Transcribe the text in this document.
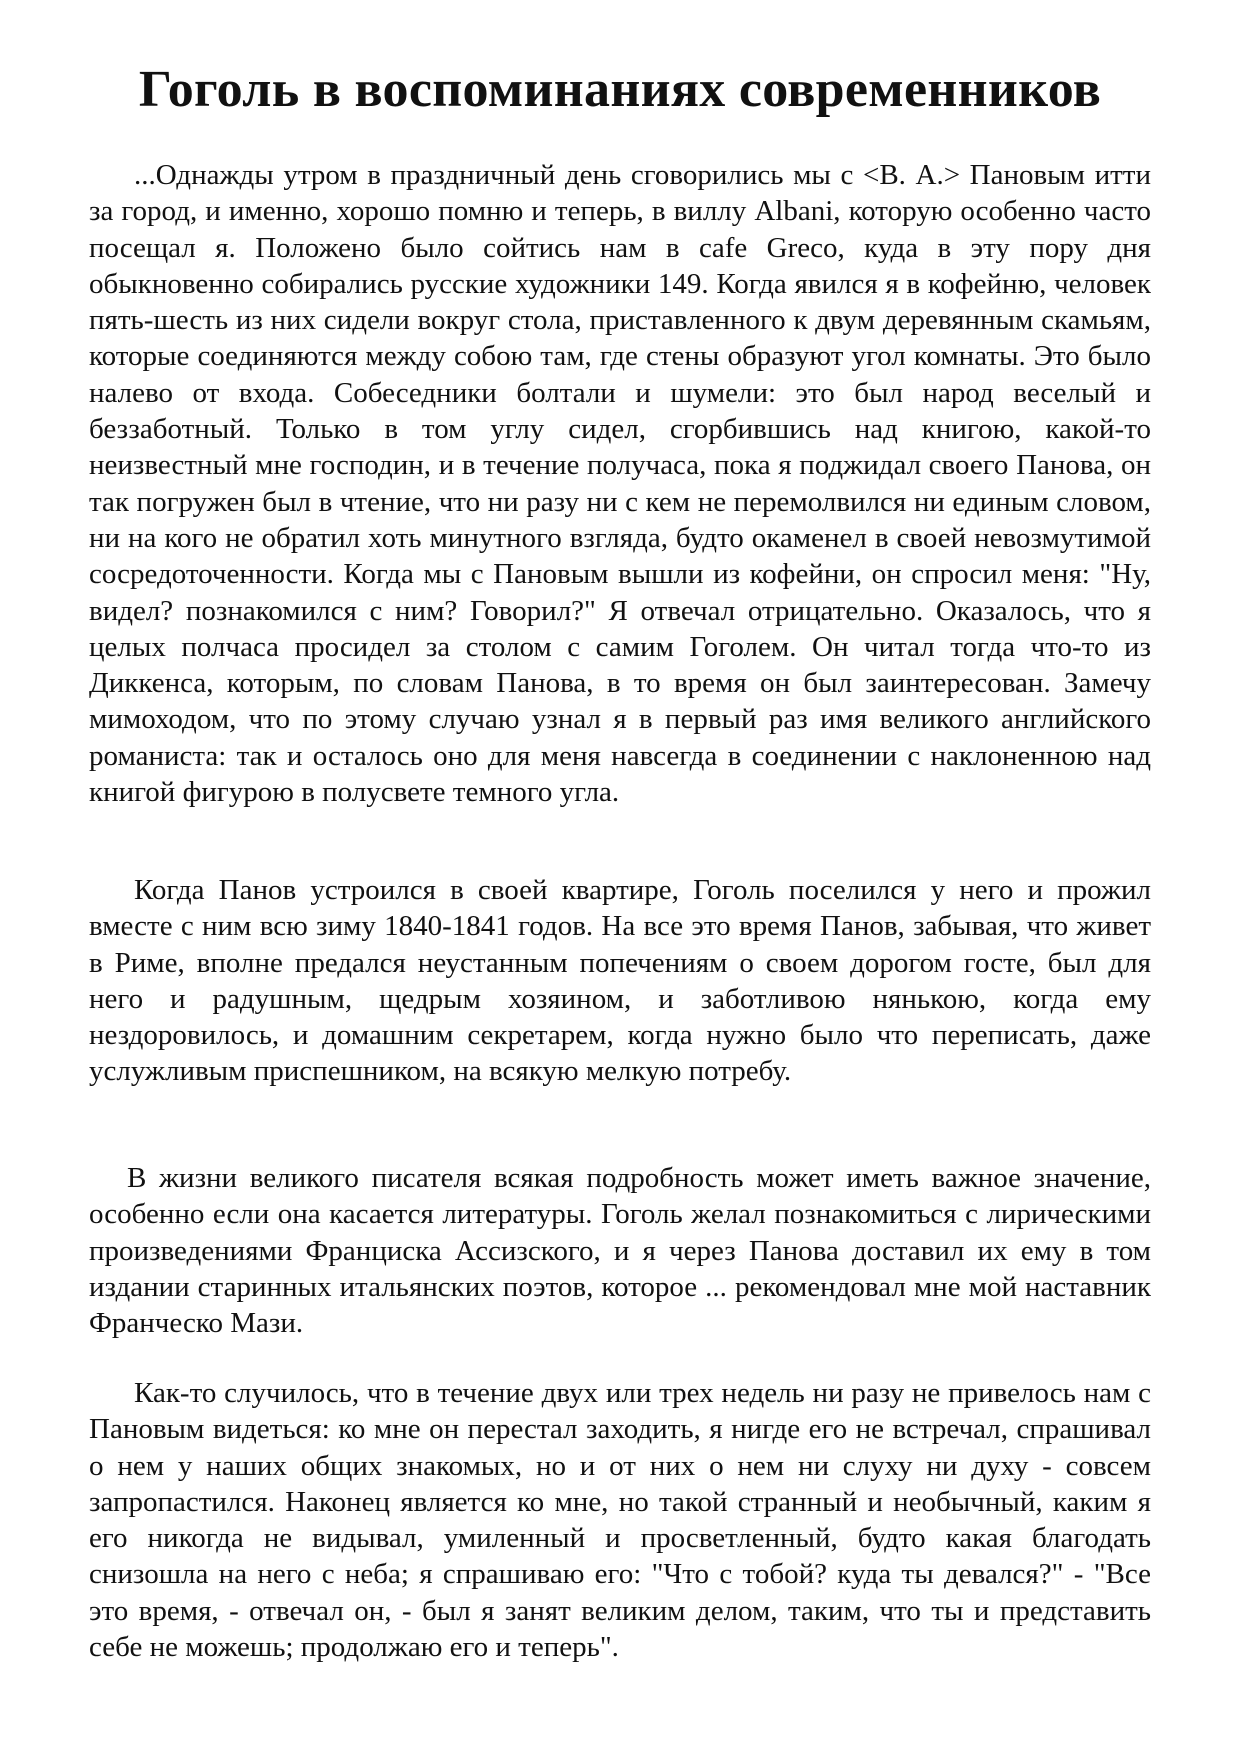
Гоголь в воспоминаниях современников

...Однажды утром в праздничный день сговорились мы с <В. А.> Пановым итти за город, и именно, хорошо помню и теперь, в виллу Albani, которую особенно часто посещал я. Положено было сойтись нам в cafe Greco, куда в эту пору дня обыкновенно собирались русские художники 149. Когда явился я в кофейню, человек пять-шесть из них сидели вокруг стола, приставленного к двум деревянным скамьям, которые соединяются между собою там, где стены образуют угол комнаты. Это было налево от входа. Собеседники болтали и шумели: это был народ веселый и беззаботный. Только в том углу сидел, сгорбившись над книгою, какой-то неизвестный мне господин, и в течение получаса, пока я поджидал своего Панова, он так погружен был в чтение, что ни разу ни с кем не перемолвился ни единым словом, ни на кого не обратил хоть минутного взгляда, будто окаменел в своей невозмутимой сосредоточенности. Когда мы с Пановым вышли из кофейни, он спросил меня: "Ну, видел? познакомился с ним? Говорил?" Я отвечал отрицательно. Оказалось, что я целых полчаса просидел за столом с самим Гоголем. Он читал тогда что-то из Диккенса, которым, по словам Панова, в то время он был заинтересован. Замечу мимоходом, что по этому случаю узнал я в первый раз имя великого английского романиста: так и осталось оно для меня навсегда в соединении с наклоненною над книгой фигурою в полусвете темного угла.

Когда Панов устроился в своей квартире, Гоголь поселился у него и прожил вместе с ним всю зиму 1840-1841 годов. На все это время Панов, забывая, что живет в Риме, вполне предался неустанным попечениям о своем дорогом госте, был для него и радушным, щедрым хозяином, и заботливою нянькою, когда ему нездоровилось, и домашним секретарем, когда нужно было что переписать, даже услужливым приспешником, на всякую мелкую потребу.

В жизни великого писателя всякая подробность может иметь важное значение, особенно если она касается литературы. Гоголь желал познакомиться с лирическими произведениями Франциска Ассизского, и я через Панова доставил их ему в том издании старинных итальянских поэтов, которое ... рекомендовал мне мой наставник Франческо Мази.

Как-то случилось, что в течение двух или трех недель ни разу не привелось нам с Пановым видеться: ко мне он перестал заходить, я нигде его не встречал, спрашивал о нем у наших общих знакомых, но и от них о нем ни слуху ни духу - совсем запропастился. Наконец является ко мне, но такой странный и необычный, каким я его никогда не видывал, умиленный и просветленный, будто какая благодать снизошла на него с неба; я спрашиваю его: "Что с тобой? куда ты девался?" - "Все это время, - отвечал он, - был я занят великим делом, таким, что ты и представить себе не можешь; продолжаю его и теперь".
